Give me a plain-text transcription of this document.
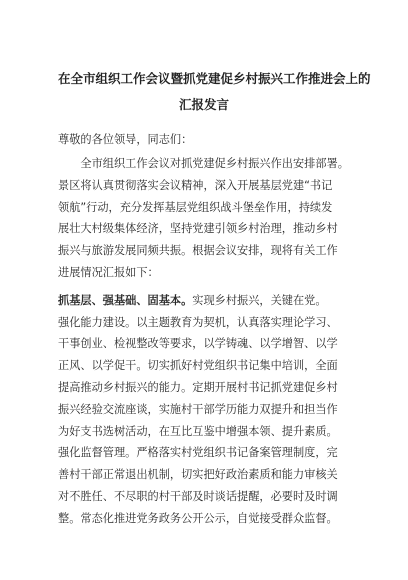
在全市组织工作会议暨抓党建促乡村振兴工作推进会上的
汇报发言

尊敬的各位领导，同志们：

　　全市组织工作会议对抓党建促乡村振兴作出安排部署。
景区将认真贯彻落实会议精神，深入开展基层党建“书记
领航”行动，充分发挥基层党组织战斗堡垒作用，持续发
展壮大村级集体经济，坚持党建引领乡村治理，推动乡村
振兴与旅游发展同频共振。根据会议安排，现将有关工作
进展情况汇报如下：
抓基层、强基础、固基本。实现乡村振兴，关键在党。
强化能力建设。以主题教育为契机，认真落实理论学习、
干事创业、检视整改等要求，以学铸魂、以学增智、以学
正风、以学促干。切实抓好村党组织书记集中培训，全面
提高推动乡村振兴的能力。定期开展村书记抓党建促乡村
振兴经验交流座谈，实施村干部学历能力双提升和担当作
为好支书选树活动，在互比互鉴中增强本领、提升素质。
强化监督管理。严格落实村党组织书记备案管理制度，完
善村干部正常退出机制，切实把好政治素质和能力审核关
对不胜任、不尽职的村干部及时谈话提醒，必要时及时调
整。常态化推进党务政务公开公示，自觉接受群众监督。
